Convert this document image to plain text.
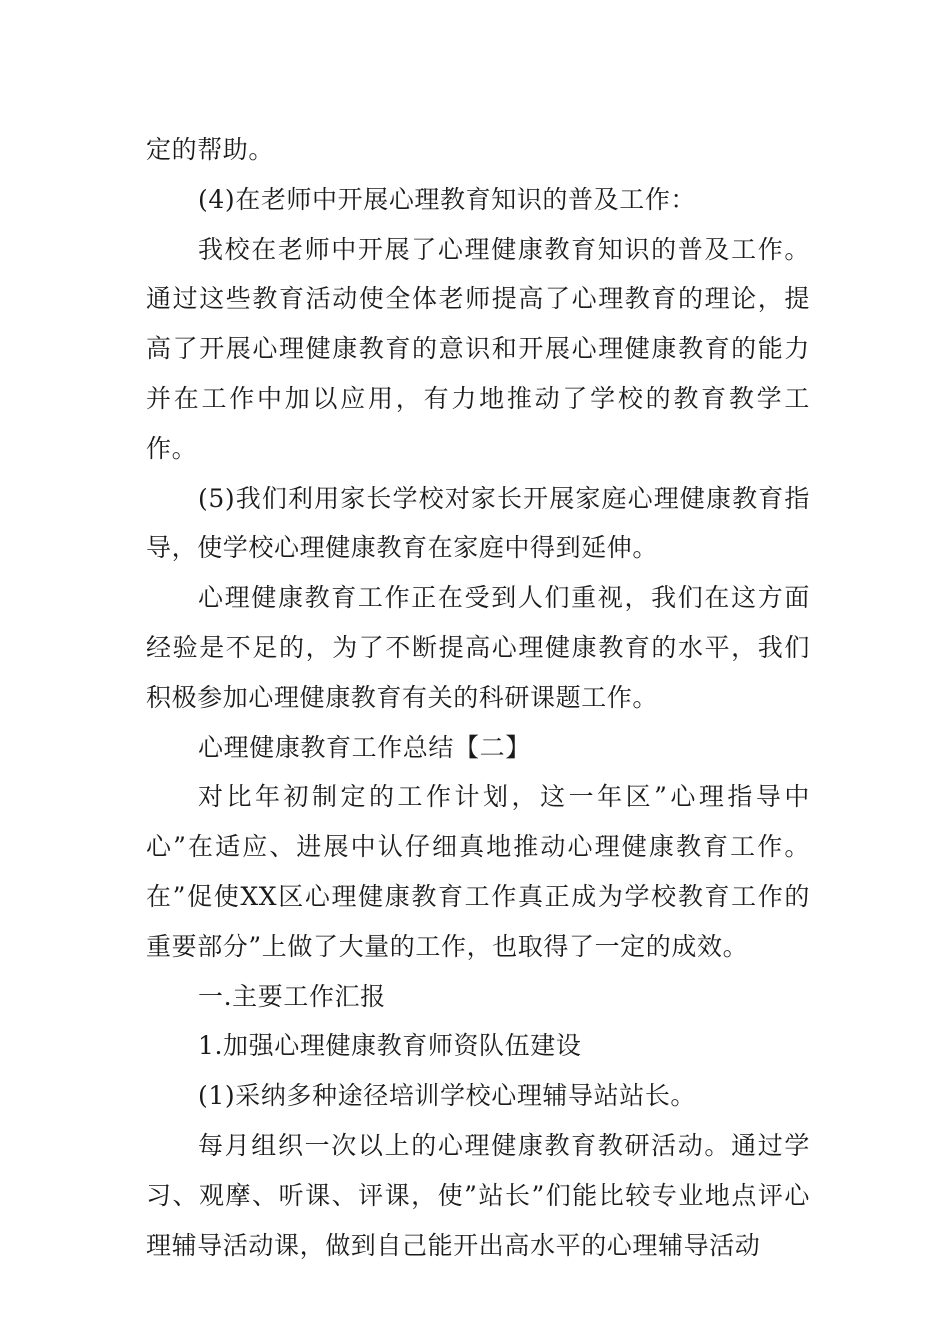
定的帮助。

(4)在老师中开展心理教育知识的普及工作：

我校在老师中开展了心理健康教育知识的普及工作。通过这些教育活动使全体老师提高了心理教育的理论，提高了开展心理健康教育的意识和开展心理健康教育的能力并在工作中加以应用，有力地推动了学校的教育教学工作。

(5)我们利用家长学校对家长开展家庭心理健康教育指导，使学校心理健康教育在家庭中得到延伸。

心理健康教育工作正在受到人们重视，我们在这方面经验是不足的，为了不断提高心理健康教育的水平，我们积极参加心理健康教育有关的科研课题工作。

心理健康教育工作总结【二】

对比年初制定的工作计划，这一年区”心理指导中心”在适应、进展中认仔细真地推动心理健康教育工作。在”促使XX区心理健康教育工作真正成为学校教育工作的重要部分”上做了大量的工作，也取得了一定的成效。

一.主要工作汇报

1.加强心理健康教育师资队伍建设

(1)采纳多种途径培训学校心理辅导站站长。

每月组织一次以上的心理健康教育教研活动。通过学习、观摩、听课、评课，使”站长”们能比较专业地点评心理辅导活动课，做到自己能开出高水平的心理辅导活动
